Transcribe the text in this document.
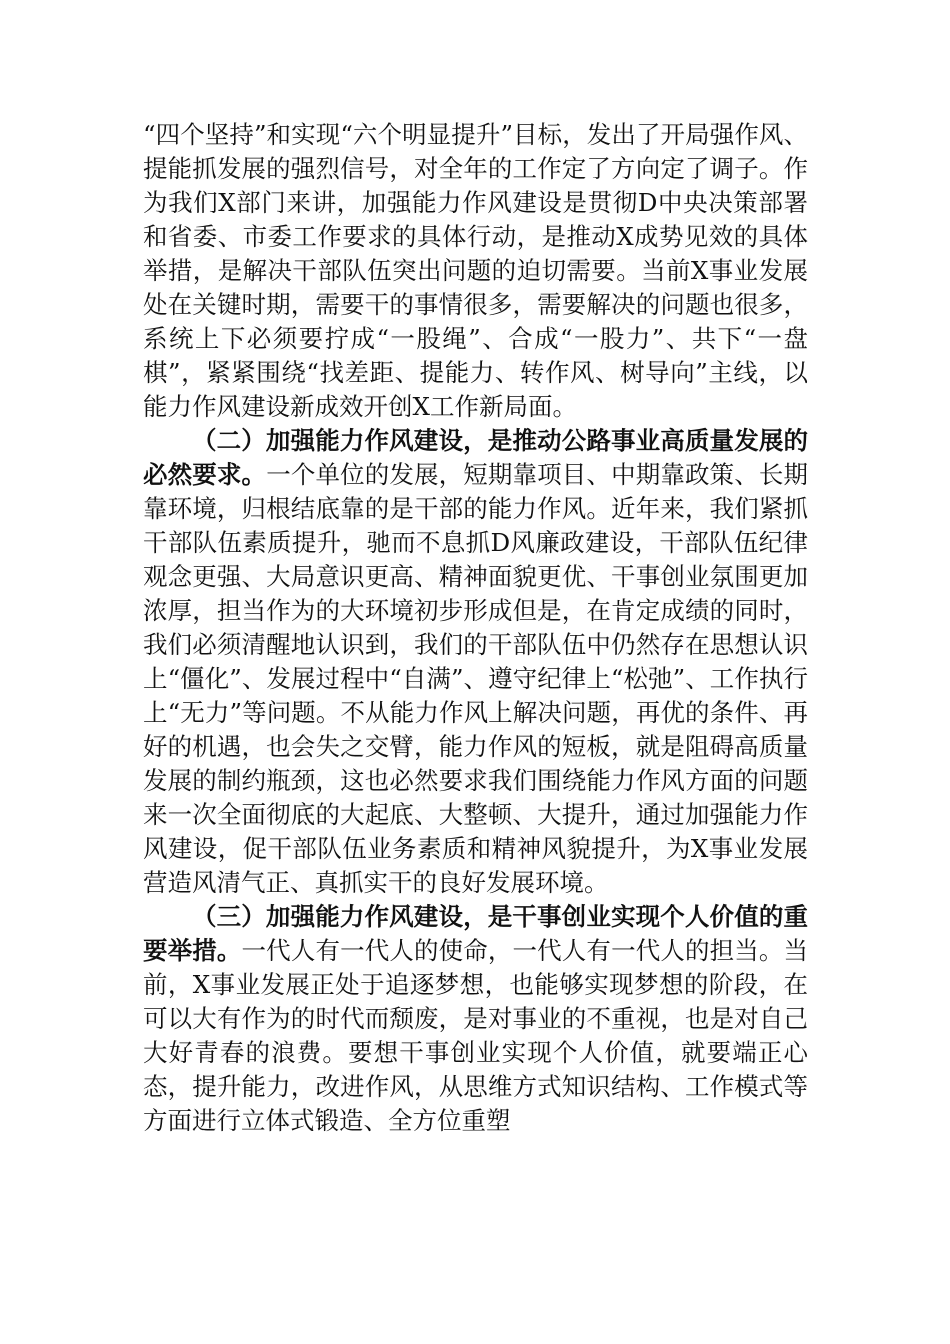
“四个坚持”和实现“六个明显提升”目标，发出了开局强作风、提能抓发展的强烈信号，对全年的工作定了方向定了调子。作为我们X部门来讲，加强能力作风建设是贯彻D中央决策部署和省委、市委工作要求的具体行动，是推动X成势见效的具体举措，是解决干部队伍突出问题的迫切需要。当前X事业发展处在关键时期，需要干的事情很多，需要解决的问题也很多，系统上下必须要拧成“一股绳”、合成“一股力”、共下“一盘棋”，紧紧围绕“找差距、提能力、转作风、树导向”主线，以能力作风建设新成效开创X工作新局面。

（二）加强能力作风建设，是推动公路事业高质量发展的必然要求。一个单位的发展，短期靠项目、中期靠政策、长期靠环境，归根结底靠的是干部的能力作风。近年来，我们紧抓干部队伍素质提升，驰而不息抓D风廉政建设，干部队伍纪律观念更强、大局意识更高、精神面貌更优、干事创业氛围更加浓厚，担当作为的大环境初步形成但是，在肯定成绩的同时，我们必须清醒地认识到，我们的干部队伍中仍然存在思想认识上“僵化”、发展过程中“自满”、遵守纪律上“松弛”、工作执行上“无力”等问题。不从能力作风上解决问题，再优的条件、再好的机遇，也会失之交臂，能力作风的短板，就是阻碍高质量发展的制约瓶颈，这也必然要求我们围绕能力作风方面的问题来一次全面彻底的大起底、大整顿、大提升，通过加强能力作风建设，促干部队伍业务素质和精神风貌提升，为X事业发展营造风清气正、真抓实干的良好发展环境。

（三）加强能力作风建设，是干事创业实现个人价值的重要举措。一代人有一代人的使命，一代人有一代人的担当。当前，X事业发展正处于追逐梦想，也能够实现梦想的阶段，在可以大有作为的时代而颓废，是对事业的不重视，也是对自己大好青春的浪费。要想干事创业实现个人价值，就要端正心态，提升能力，改进作风，从思维方式知识结构、工作模式等方面进行立体式锻造、全方位重塑
